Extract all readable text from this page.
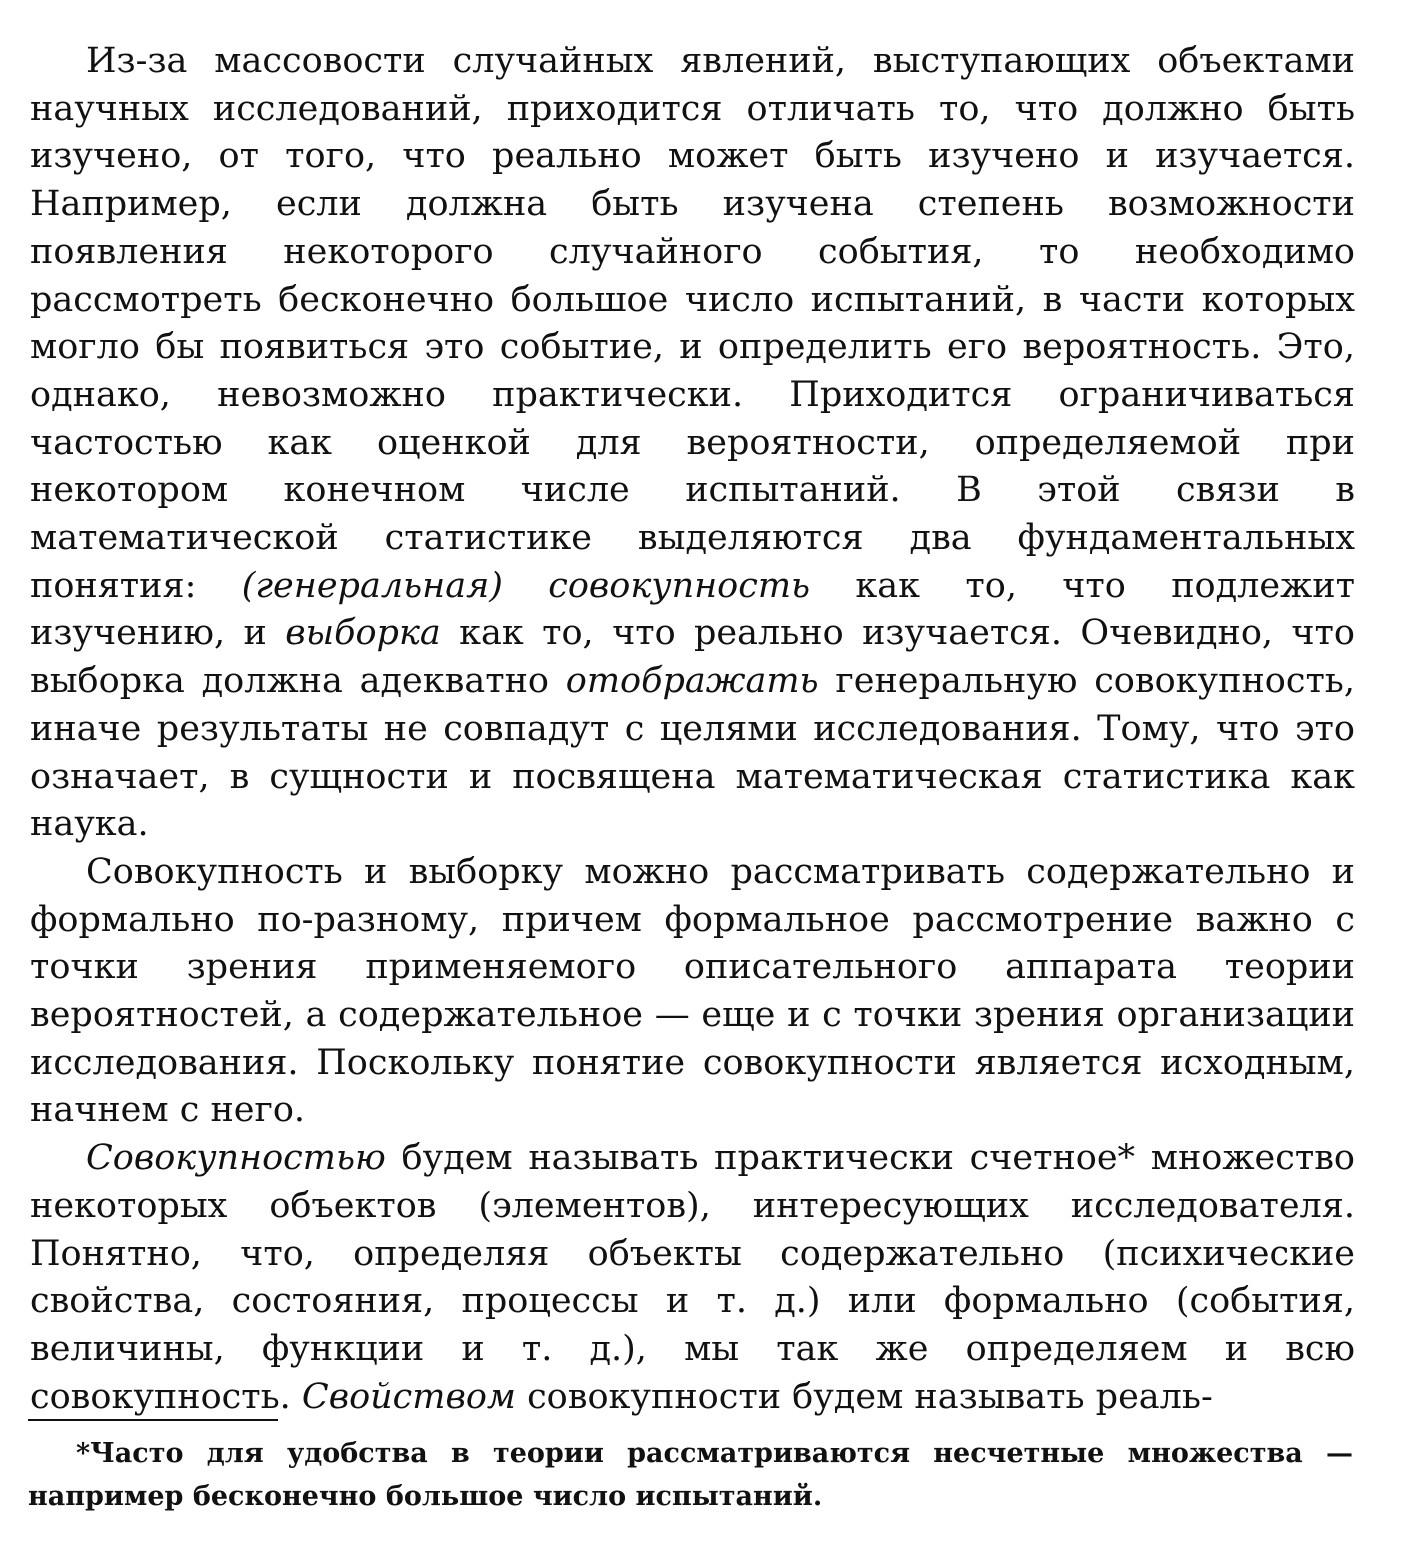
Из-за массовости случайных явлений, выступающих объектами научных исследований, приходится отличать то, что должно быть изучено, от того, что реально может быть изучено и изучается. Например, если должна быть изучена степень возможности появления некоторого случайного события, то необходимо рассмотреть бесконечно большое число испытаний, в части которых могло бы появиться это событие, и определить его вероятность. Это, однако, невозможно практически. Приходится ограничиваться частостью как оценкой для вероятности, определяемой при некотором конечном числе испытаний. В этой связи в математической статистике выделяются два фундаментальных понятия: (генеральная) совокупность как то, что подлежит изучению, и выборка как то, что реально изучается. Очевидно, что выборка должна адекватно отображать генеральную совокупность, иначе результаты не совпадут с целями исследования. Тому, что это означает, в сущности и посвящена математическая статистика как наука.

Совокупность и выборку можно рассматривать содержательно и формально по-разному, причем формальное рассмотрение важно с точки зрения применяемого описательного аппарата теории вероятностей, а содержательное — еще и с точки зрения организации исследования. Поскольку понятие совокупности является исходным, начнем с него.

Совокупностью будем называть практически счетное* множество некоторых объектов (элементов), интересующих исследователя. Понятно, что, определяя объекты содержательно (психические свойства, состояния, процессы и т. д.) или формально (события, величины, функции и т. д.), мы так же определяем и всю совокупность. Свойством совокупности будем называть реаль-

*Часто для удобства в теории рассматриваются несчетные множества — например бесконечно большое число испытаний.
